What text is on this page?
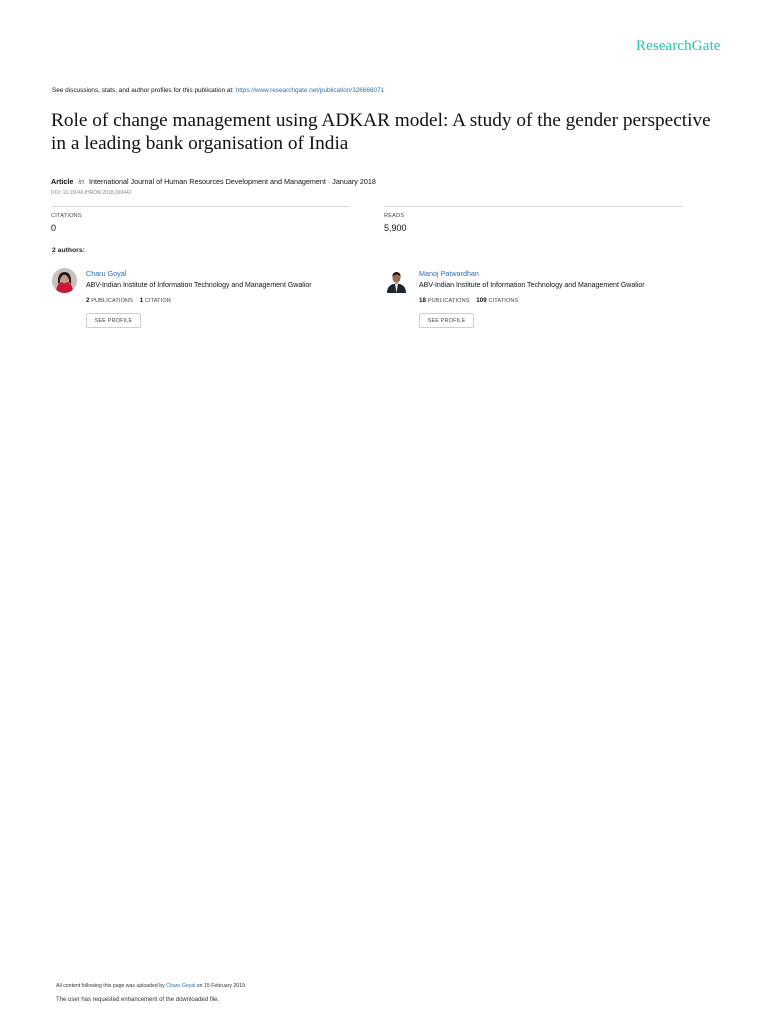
ResearchGate
See discussions, stats, and author profiles for this publication at: https://www.researchgate.net/publication/326666071
Role of change management using ADKAR model: A study of the gender perspective in a leading bank organisation of India
Article in International Journal of Human Resources Development and Management · January 2018
DOI: 10.1504/IJHRDM.2018.093442
CITATIONS
0
READS
5,900
2 authors:
Charu Goyal
ABV-Indian Institute of Information Technology and Management Gwalior
2 PUBLICATIONS 1 CITATION
SEE PROFILE
Manoj Patwardhan
ABV-Indian Institute of Information Technology and Management Gwalior
18 PUBLICATIONS 109 CITATIONS
SEE PROFILE
All content following this page was uploaded by Charu Goyal on 15 February 2019.
The user has requested enhancement of the downloaded file.
